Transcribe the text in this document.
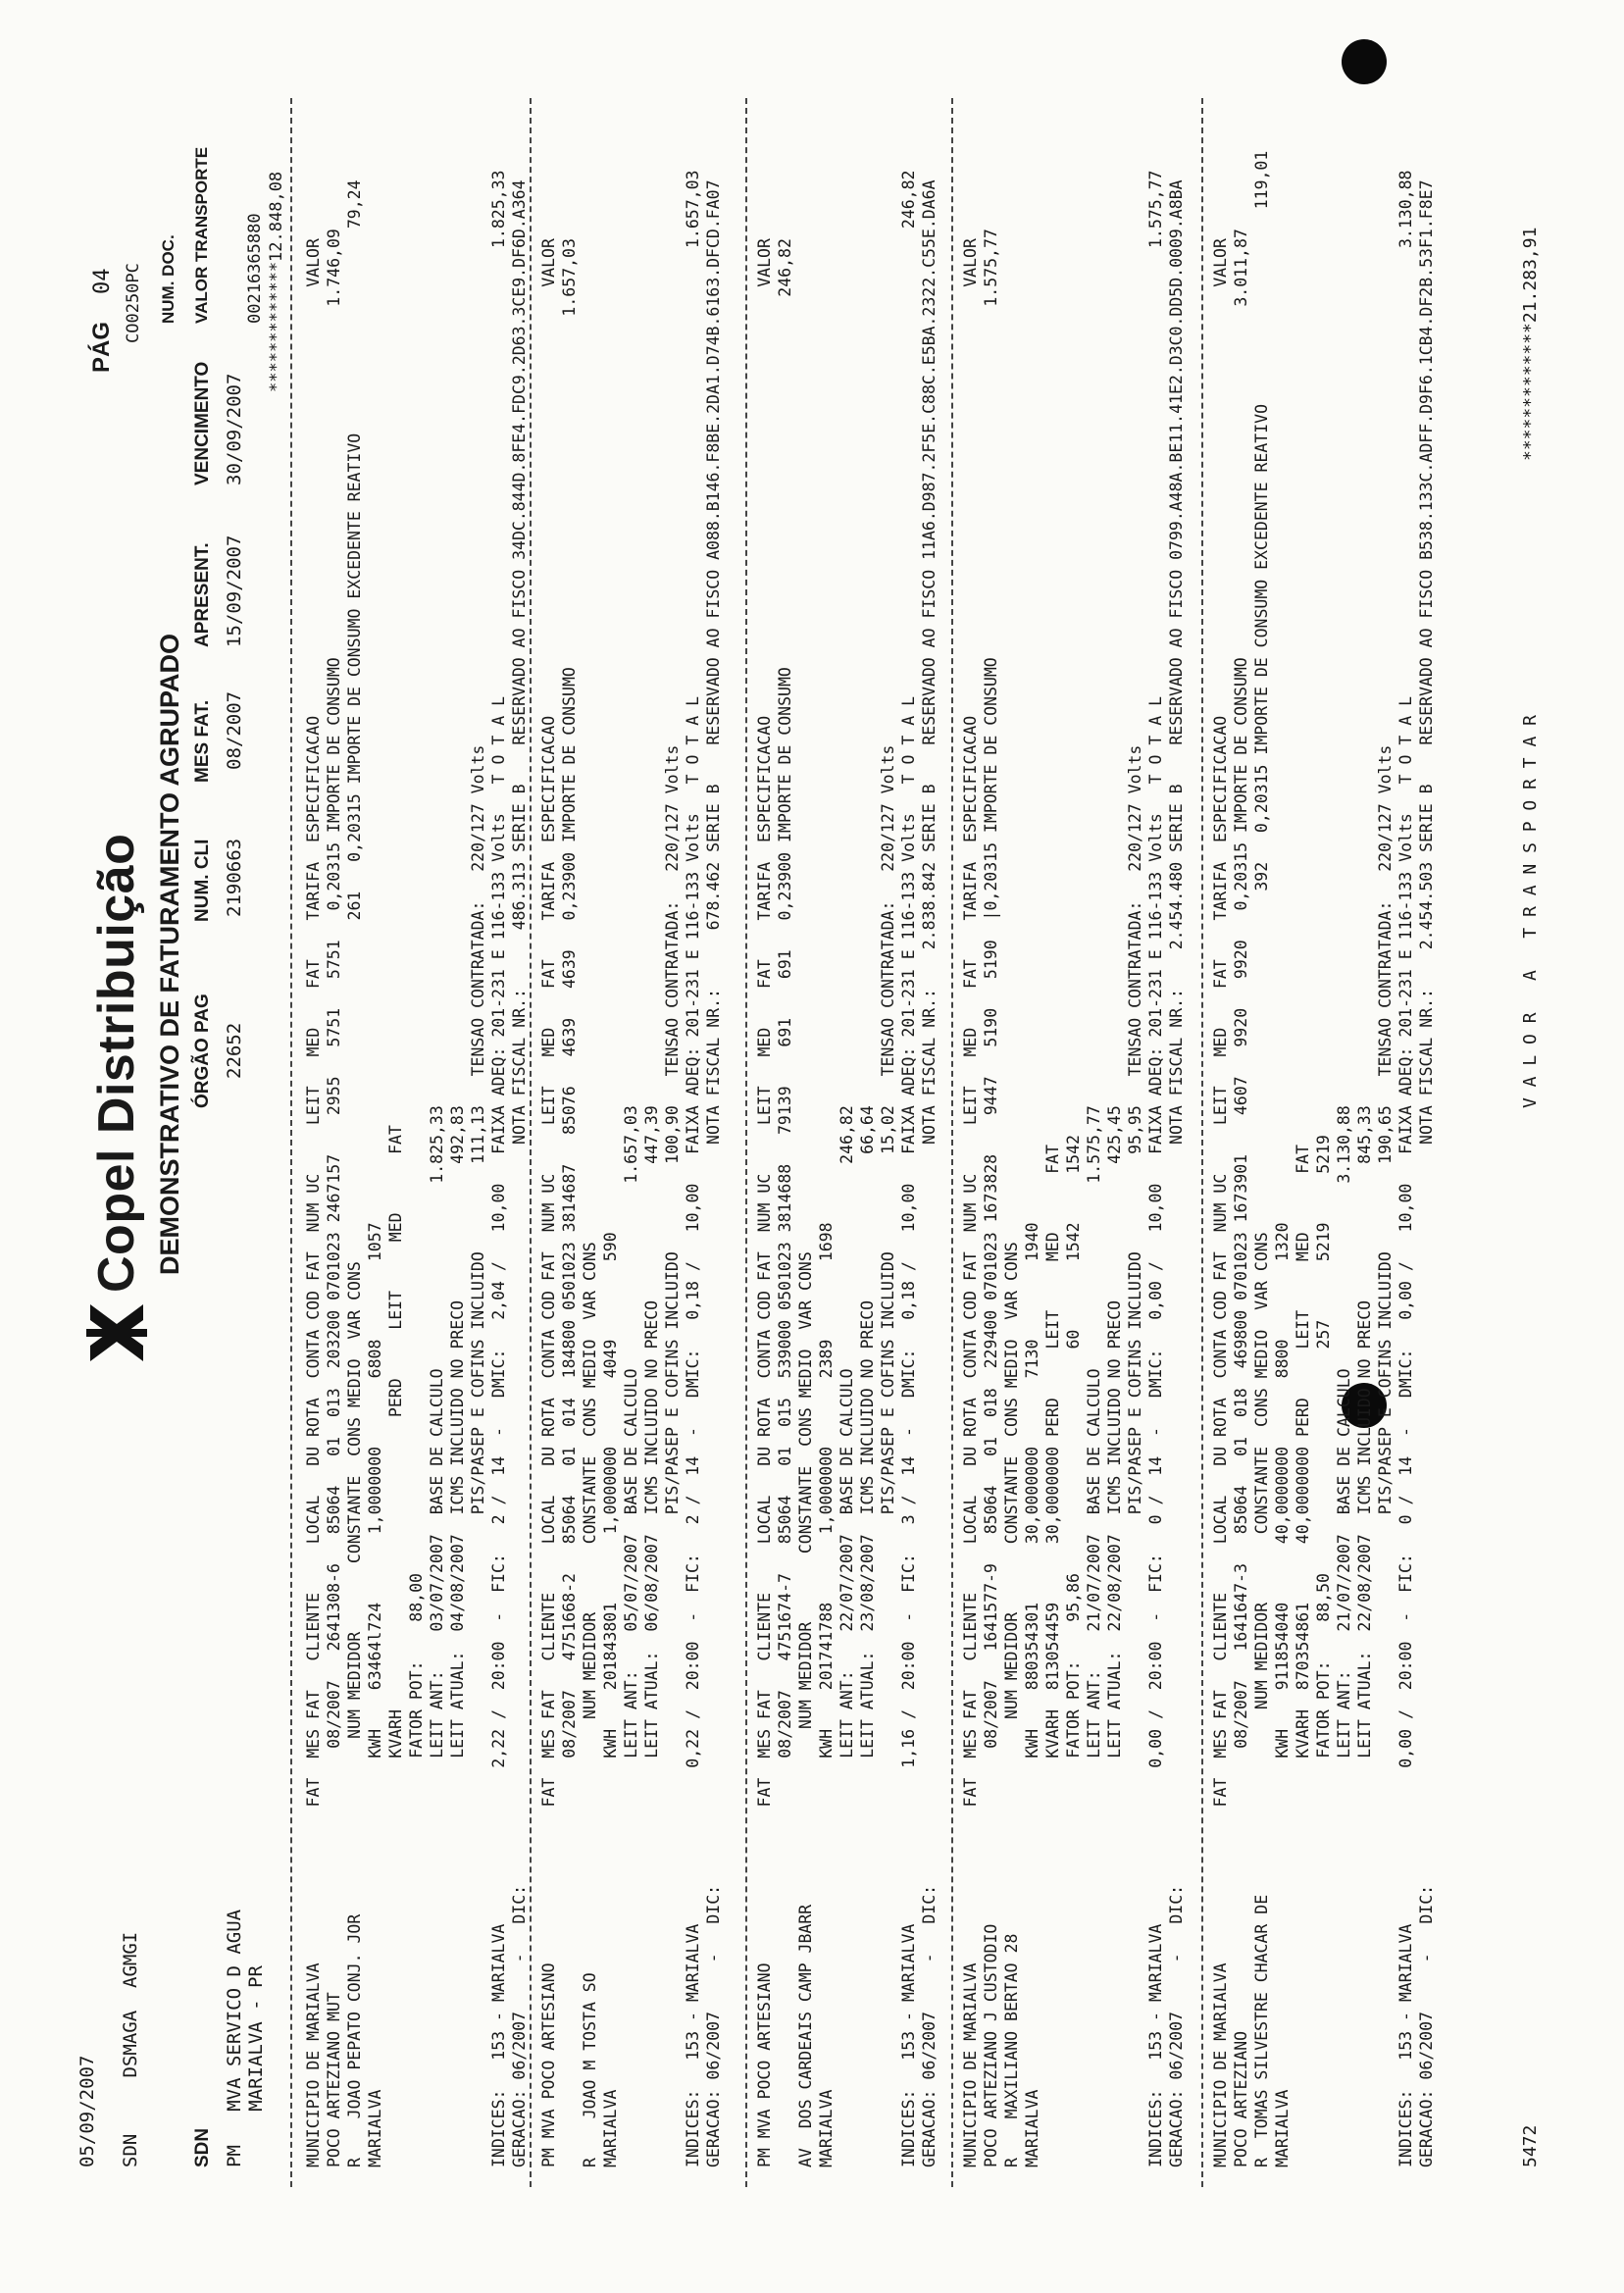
05/09/2007 SDN     DSMAGA  AGMGI
Copel Distribuição
PÁG
04 CO0250PC
DEMONSTRATIVO DE FATURAMENTO AGRUPADO
SDN
ÓRGÃO PAG
NUM. CLI
MES FAT.
APRESENT.
VENCIMENTO
PM   MVA SERVICO D AGUA MARIALVA - PR
22652
2190663
08/2007
15/09/2007
30/09/2007
NUM. DOC. VALOR TRANSPORTE 00216365880 *************12.848,08 MUNICIPIO DE MARIALVA                FAT  MES FAT   CLIENTE     LOCAL   DU ROTA  CONTA COD FAT  NUM UC     LEIT   MED    FAT    TARIFA  ESPECIFICACAO                                            VALOR POCO ARTEZIANO MUT                         08/2007   2641308-6   85064   01  013  203200 0701023 2467157    2955   5751   5751   0,20315 IMPORTE DE CONSUMO                                    1.746,09 R    JOAO PEPATO CONJ. JOR                  NUM MEDIDOR       CONSTANTE  CONS MEDIO  VAR CONS                                   261   0,20315 IMPORTE DE CONSUMO EXCEDENTE REATIVO                     79,24 MARIALVA                                  KWH    63464l724       1,0000000       6808        1057 KVARH                              PERD     LEIT     MED      FAT FATOR POT:    88,00 LEIT ANT:    03/07/2007  BASE DE CALCULO                   1.825,33 LEIT ATUAL:  04/08/2007  ICMS INCLUIDO NO PRECO              492,83 PIS/PASEP E COFINS INCLUIDO         111,13   TENSAO CONTRATADA:   220/127 Volts INDICES:   153 - MARIALVA                2,22 /  20:00  -  FIC:   2 /  14  -   DMIC:   2,04 /   10,00   FAIXA ADEQ: 201-231 E 116-133 Volts   T O T A L                                              1.825,33 GERACAO: 06/2007     -   DIC:                                                                            NOTA FISCAL NR.:      486.313 SERIE B    RESERVADO AO FISCO 34DC.844D.8FE4.FDC9.2D63.3CE9.DF6D.A364 PM MVA POCO ARTESIANO                FAT  MES FAT   CLIENTE     LOCAL   DU ROTA  CONTA COD FAT  NUM UC     LEIT   MED    FAT    TARIFA  ESPECIFICACAO                                            VALOR 08/2007   4751668-2   85064   01  014  184800 0501023 3814687   85076   4639   4639   0,23900 IMPORTE DE CONSUMO                                    1.657,03 R    JOAO M TOSTA SO                          NUM MEDIDOR       CONSTANTE  CONS MEDIO  VAR CONS MARIALVA                                  KWH    201843801       1,0000000       4049        590 LEIT ANT:    05/07/2007  BASE DE CALCULO                   1.657,03 LEIT ATUAL:  06/08/2007  ICMS INCLUIDO NO PRECO              447,39 PIS/PASEP E COFINS INCLUIDO         100,90   TENSAO CONTRATADA:   220/127 Volts INDICES:   153 - MARIALVA                0,22 /  20:00  -  FIC:   2 /  14  -   DMIC:   0,18 /   10,00   FAIXA ADEQ: 201-231 E 116-133 Volts   T O T A L                                              1.657,03 GERACAO: 06/2007     -   DIC:                                                                            NOTA FISCAL NR.:      678.462 SERIE B    RESERVADO AO FISCO A088.B146.F8BE.2DA1.D74B.6163.DFCD.FA07 PM MVA POCO ARTESIANO                FAT  MES FAT   CLIENTE     LOCAL   DU ROTA  CONTA COD FAT  NUM UC     LEIT   MED    FAT    TARIFA  ESPECIFICACAO                                            VALOR 08/2007   4751674-7   85064   01  015  539000 0501023 3814688   79139    691    691   0,23900 IMPORTE DE CONSUMO                                      246,82 AV  DOS CARDEAIS CAMP JBARR                  NUM MEDIDOR       CONSTANTE  CONS MEDIO  VAR CONS MARIALVA                                  KWH    201741788       1,0000000       2389        1698 LEIT ANT:    22/07/2007  BASE DE CALCULO                     246,82 LEIT ATUAL:  23/08/2007  ICMS INCLUIDO NO PRECO               66,64 PIS/PASEP E COFINS INCLUIDO          15,02   TENSAO CONTRATADA:   220/127 Volts INDICES:   153 - MARIALVA                1,16 /  20:00  -  FIC:   3 /  14  -   DMIC:   0,18 /   10,00   FAIXA ADEQ: 201-231 E 116-133 Volts   T O T A L                                                246,82 GERACAO: 06/2007     -   DIC:                                                                            NOTA FISCAL NR.:    2.838.842 SERIE B    RESERVADO AO FISCO 11A6.D987.2F5E.C88C.E5BA.2322.C55E.DA6A MUNICIPIO DE MARIALVA                FAT  MES FAT   CLIENTE     LOCAL   DU ROTA  CONTA COD FAT  NUM UC     LEIT   MED    FAT    TARIFA  ESPECIFICACAO                                            VALOR POCO ARTEZIANO J CUSTODIO                  08/2007   1641577-9   85064   01  018  229400 0701023 1673828    9447   5190   5190  |0,20315 IMPORTE DE CONSUMO                                    1.575,77 R    MAXILIANO BERTAO 28                      NUM MEDIDOR       CONSTANTE  CONS MEDIO  VAR CONS MARIALVA                                  KWH    880354301      30,0000000       7130        1940 KVARH  813054459      30,0000000 PERD     LEIT     MED      FAT FATOR POT:    95,86                       60       1542     1542 LEIT ANT:    21/07/2007  BASE DE CALCULO                   1.575,77 LEIT ATUAL:  22/08/2007  ICMS INCLUIDO NO PRECO              425,45 PIS/PASEP E COFINS INCLUIDO          95,95   TENSAO CONTRATADA:   220/127 Volts INDICES:   153 - MARIALVA                0,00 /  20:00  -  FIC:   0 /  14  -   DMIC:   0,00 /   10,00   FAIXA ADEQ: 201-231 E 116-133 Volts   T O T A L                                              1.575,77 GERACAO: 06/2007     -   DIC:                                                                            NOTA FISCAL NR.:    2.454.480 SERIE B    RESERVADO AO FISCO 0799.A48A.BE11.41E2.D3C0.DD5D.0009.A8BA MUNICIPIO DE MARIALVA                FAT  MES FAT   CLIENTE     LOCAL   DU ROTA  CONTA COD FAT  NUM UC     LEIT   MED    FAT    TARIFA  ESPECIFICACAO                                            VALOR POCO ARTEZIANO                             08/2007   1641647-3   85064   01  018  469800 0701023 1673901    4607   9920   9920   0,20315 IMPORTE DE CONSUMO                                    3.011,87 R  TOMAS SILVESTRE CHACAR DE                   NUM MEDIDOR       CONSTANTE  CONS MEDIO  VAR CONS                                   392   0,20315 IMPORTE DE CONSUMO EXCEDENTE REATIVO                    119,01 MARIALVA                                  KWH    911854040      40,0000000       8800        1320 KVARH  870354861      40,0000000 PERD     LEIT     MED      FAT FATOR POT:    88,50                       257      5219     5219 LEIT ANT:    21/07/2007  BASE DE CALCULO                   3.130,88 LEIT ATUAL:  22/08/2007  ICMS INCLUIDO NO PRECO              845,33 PIS/PASEP E COFINS INCLUIDO         190,65   TENSAO CONTRATADA:   220/127 Volts INDICES:   153 - MARIALVA                0,00 /  20:00  -  FIC:   0 /  14  -   DMIC:   0,00 /   10,00   FAIXA ADEQ: 201-231 E 116-133 Volts   T O T A L                                              3.130,88 GERACAO: 06/2007     -   DIC:                                                                            NOTA FISCAL NR.:    2.454.503 SERIE B    RESERVADO AO FISCO B538.133C.ADFF.D9F6.1CB4.DF2B.53F1.F8E7	5472
V A L O R   A   T R A N S P O R T A R
*************21.283,91
